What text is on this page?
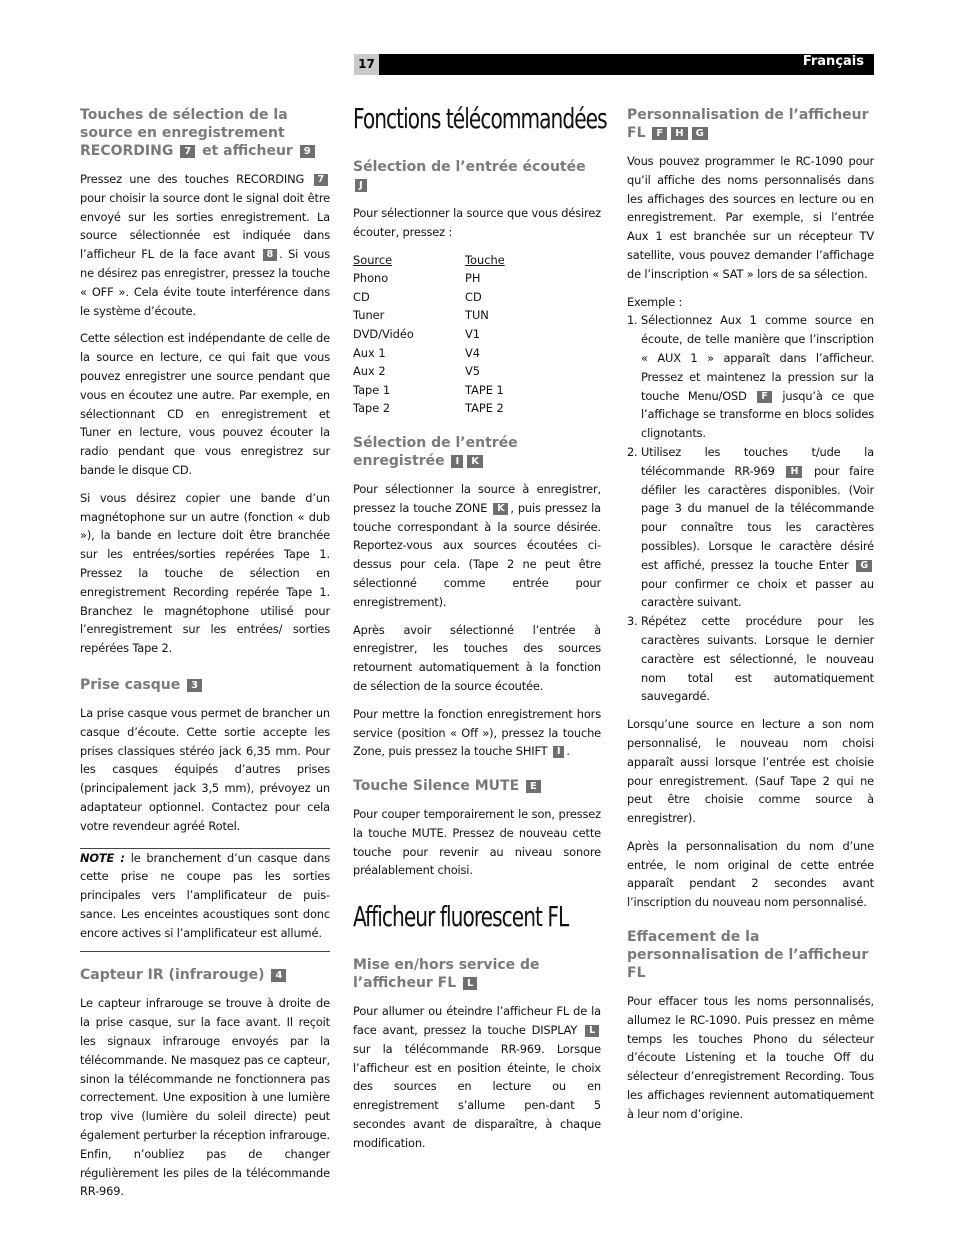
17	Français
Touches de sélection de la source en enregistrement RECORDING 7 et afficheur 9

Pressez une des touches RECORDING 7 pour choisir la source dont le signal doit être envoyé sur les sorties enregistrement. La source sélectionnée est indiquée dans l’afficheur FL de la face avant 8 . Si vous ne désirez pas enregistrer, pressez la touche « OFF ». Cela évite toute interférence dans le système d’écoute.

Cette sélection est indépendante de celle de la source en lecture, ce qui fait que vous pouvez enregistrer une source pendant que vous en écoutez une autre. Par exemple, en sélectionnant CD en enregistrement et Tuner en lecture, vous pouvez écouter la radio pendant que vous enregistrez sur bande le disque CD.

Si vous désirez copier une bande d’un magnétophone sur un autre (fonction « dub »), la bande en lecture doit être branchée sur les entrées/sorties repérées Tape 1. Pressez la touche de sélection en enregistrement Recording repérée Tape 1. Branchez le magnétophone utilisé pour l’enregistrement sur les entrées/ sorties repérées Tape 2.

Prise casque 3

La prise casque vous permet de brancher un casque d’écoute. Cette sortie accepte les prises classiques stéréo jack 6,35 mm. Pour les casques équipés d’autres prises (principalement jack 3,5 mm), prévoyez un adaptateur optionnel. Contactez pour cela votre revendeur agréé Rotel.

NOTE : le branchement d’un casque dans cette prise ne coupe pas les sorties principales vers l’amplificateur de puis-sance. Les enceintes acoustiques sont donc encore actives si l’amplificateur est allumé.

Capteur IR (infrarouge) 4

Le capteur infrarouge se trouve à droite de la prise casque, sur la face avant. Il reçoit les signaux infrarouge envoyés par la télécommande. Ne masquez pas ce capteur, sinon la télécommande ne fonctionnera pas correctement. Une exposition à une lumière trop vive (lumière du soleil directe) peut également perturber la réception infrarouge. Enfin, n’oubliez pas de changer régulièrement les piles de la télécommande RR-969.

Fonctions télécommandées
Sélection de l’entrée écoutée J

Pour sélectionner la source que vous désirez écouter, pressez :

Source	Touche
Phono	PH
CD	CD
Tuner	TUN
DVD/Vidéo	V1
Aux 1	V4
Aux 2	V5
Tape 1	TAPE 1
Tape 2	TAPE 2
Sélection de l’entrée enregistrée I K

Pour sélectionner la source à enregistrer, pressez la touche ZONE K , puis pressez la touche correspondant à la source désirée. Reportez-vous aux sources écoutées ci-dessus pour cela. (Tape 2 ne peut être sélectionné comme entrée pour enregistrement).

Après avoir sélectionné l’entrée à enregistrer, les touches des sources retournent automatiquement à la fonction de sélection de la source écoutée.

Pour mettre la fonction enregistrement hors service (position « Off »), pressez la touche Zone, puis pressez la touche SHIFT I .

Touche Silence MUTE E

Pour couper temporairement le son, pressez la touche MUTE. Pressez de nouveau cette touche pour revenir au niveau sonore préalablement choisi.

Afficheur fluorescent FL
Mise en/hors service de l’afficheur FL L

Pour allumer ou éteindre l’afficheur FL de la face avant, pressez la touche DISPLAY L sur la télécommande RR-969. Lorsque l’afficheur est en position éteinte, le choix des sources en lecture ou en enregistrement s’allume pen-dant 5 secondes avant de disparaître, à chaque modification.

Personnalisation de l’afficheur FL F H G

Vous pouvez programmer le RC-1090 pour qu’il affiche des noms personnalisés dans les affichages des sources en lecture ou en enregistrement. Par exemple, si l’entrée Aux 1 est branchée sur un récepteur TV satellite, vous pouvez demander l’affichage de l’inscription « SAT » lors de sa sélection.

Exemple :

1. Sélectionnez Aux 1 comme source en écoute, de telle manière que l’inscription « AUX 1 » apparaît dans l’afficheur. Pressez et maintenez la pression sur la touche Menu/OSD F jusqu’à ce que l’affichage se transforme en blocs solides clignotants.
2. Utilisez les touches t/ude la télécommande RR-969 H pour faire défiler les caractères disponibles. (Voir page 3 du manuel de la télécommande pour connaître tous les caractères possibles). Lorsque le caractère désiré est affiché, pressez la touche Enter G pour confirmer ce choix et passer au caractère suivant.
3. Répétez cette procédure pour les caractères suivants. Lorsque le dernier caractère est sélectionné, le nouveau nom total est automatiquement sauvegardé.

Lorsqu’une source en lecture a son nom personnalisé, le nouveau nom choisi apparaît aussi lorsque l’entrée est choisie pour enregistrement. (Sauf Tape 2 qui ne peut être choisie comme source à enregistrer).

Après la personnalisation du nom d’une entrée, le nom original de cette entrée apparaît pendant 2 secondes avant l’inscription du nouveau nom personnalisé.

Effacement de la personnalisation de l’afficheur FL

Pour effacer tous les noms personnalisés, allumez le RC-1090. Puis pressez en même temps les touches Phono du sélecteur d’écoute Listening et la touche Off du sélecteur d’enregistrement Recording. Tous les affichages reviennent automatiquement à leur nom d’origine.
